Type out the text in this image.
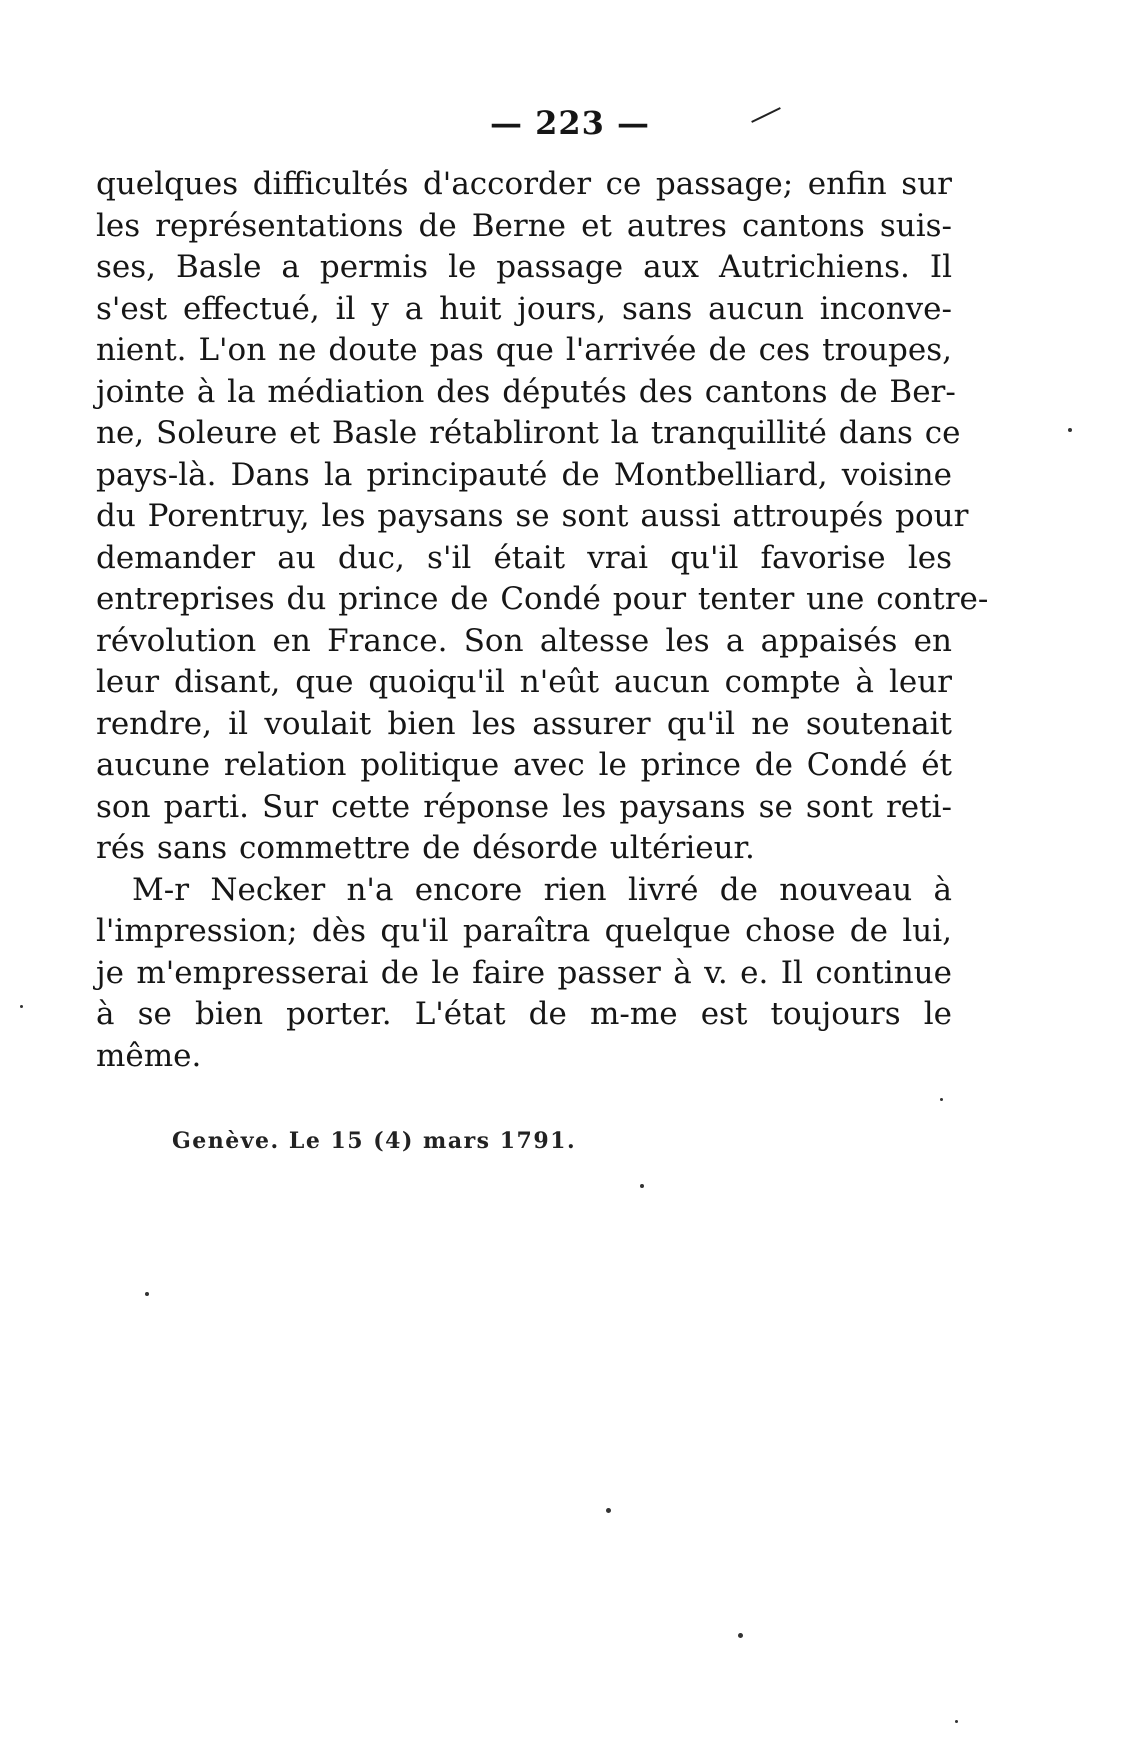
— 223 —
quelques difficultés d'accorder ce passage; enfin sur
les représentations de Berne et autres cantons suis-
ses, Basle a permis le passage aux Autrichiens. Il
s'est effectué, il y a huit jours, sans aucun inconve-
nient. L'on ne doute pas que l'arrivée de ces troupes,
jointe à la médiation des députés des cantons de Ber-
ne, Soleure et Basle rétabliront la tranquillité dans ce
pays-là. Dans la principauté de Montbelliard, voisine
du Porentruy, les paysans se sont aussi attroupés pour
demander au duc, s'il était vrai qu'il favorise les
entreprises du prince de Condé pour tenter une contre-
révolution en France. Son altesse les a appaisés en
leur disant, que quoiqu'il n'eût aucun compte à leur
rendre, il voulait bien les assurer qu'il ne soutenait
aucune relation politique avec le prince de Condé ét
son parti. Sur cette réponse les paysans se sont reti-
rés sans commettre de désorde ultérieur.
M-r Necker n'a encore rien livré de nouveau à
l'impression; dès qu'il paraîtra quelque chose de lui,
je m'empresserai de le faire passer à v. e. Il continue
à se bien porter. L'état de m-me est toujours le
même.
Genève. Le 15 (4) mars 1791.
